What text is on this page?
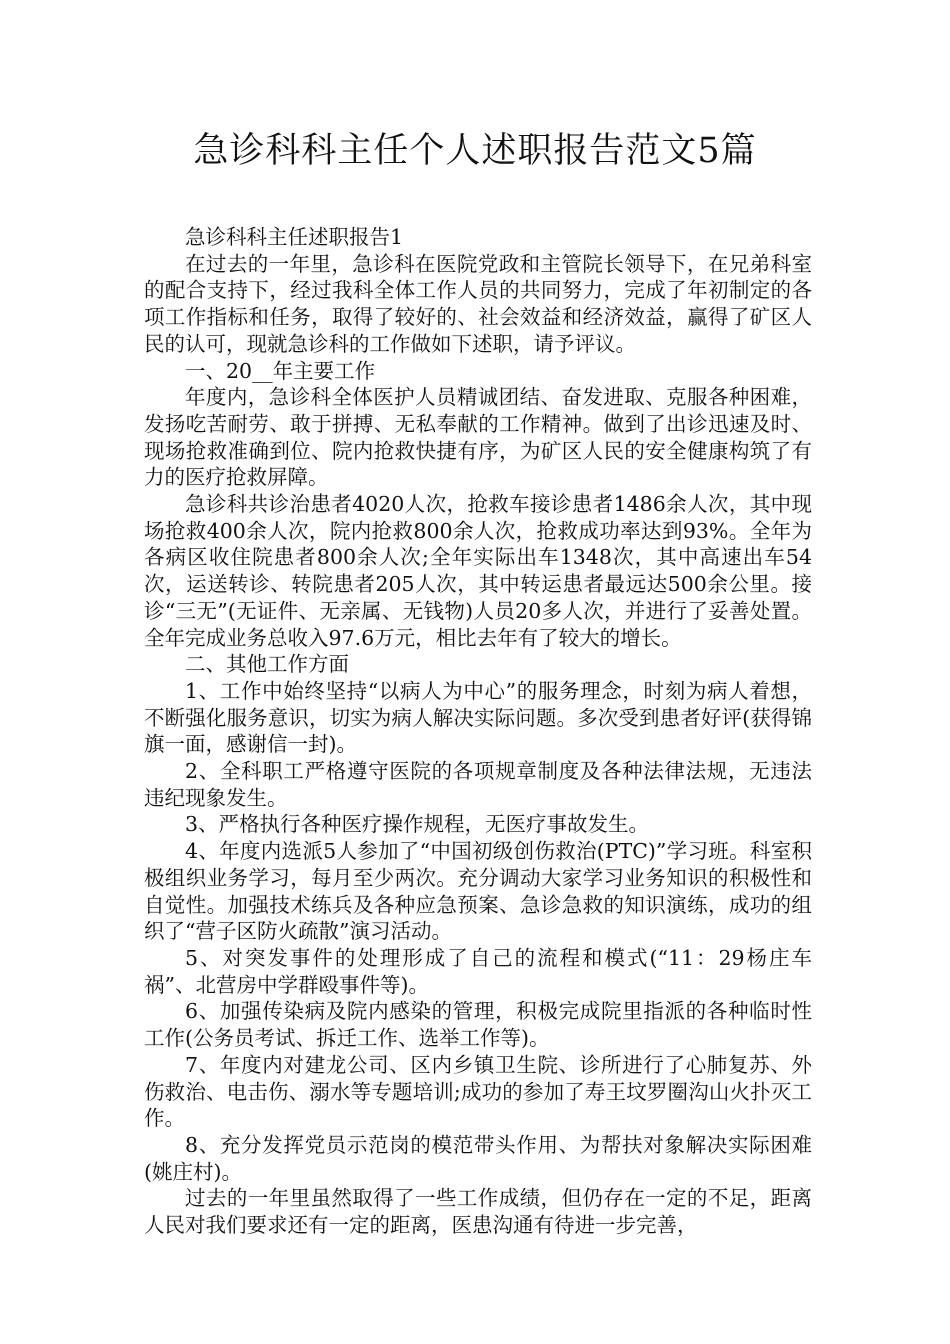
急诊科科主任个人述职报告范文5篇

急诊科科主任述职报告1

在过去的一年里，急诊科在医院党政和主管院长领导下，在兄弟科室的配合支持下，经过我科全体工作人员的共同努力，完成了年初制定的各项工作指标和任务，取得了较好的、社会效益和经济效益，赢得了矿区人民的认可，现就急诊科的工作做如下述职，请予评议。

一、20__年主要工作

年度内，急诊科全体医护人员精诚团结、奋发进取、克服各种困难，发扬吃苦耐劳、敢于拼搏、无私奉献的工作精神。做到了出诊迅速及时、现场抢救准确到位、院内抢救快捷有序，为矿区人民的安全健康构筑了有力的医疗抢救屏障。

急诊科共诊治患者4020人次，抢救车接诊患者1486余人次，其中现场抢救400余人次，院内抢救800余人次，抢救成功率达到93%。全年为各病区收住院患者800余人次;全年实际出车1348次，其中高速出车54次，运送转诊、转院患者205人次，其中转运患者最远达500余公里。接诊“三无”(无证件、无亲属、无钱物)人员20多人次，并进行了妥善处置。全年完成业务总收入97.6万元，相比去年有了较大的增长。

二、其他工作方面

1、工作中始终坚持“以病人为中心”的服务理念，时刻为病人着想，不断强化服务意识，切实为病人解决实际问题。多次受到患者好评(获得锦旗一面，感谢信一封)。

2、全科职工严格遵守医院的各项规章制度及各种法律法规，无违法违纪现象发生。

3、严格执行各种医疗操作规程，无医疗事故发生。

4、年度内选派5人参加了“中国初级创伤救治(PTC)”学习班。科室积极组织业务学习，每月至少两次。充分调动大家学习业务知识的积极性和自觉性。加强技术练兵及各种应急预案、急诊急救的知识演练，成功的组织了“营子区防火疏散”演习活动。

5、对突发事件的处理形成了自己的流程和模式(“11：29杨庄车祸”、北营房中学群殴事件等)。

6、加强传染病及院内感染的管理，积极完成院里指派的各种临时性工作(公务员考试、拆迁工作、选举工作等)。

7、年度内对建龙公司、区内乡镇卫生院、诊所进行了心肺复苏、外伤救治、电击伤、溺水等专题培训;成功的参加了寿王坟罗圈沟山火扑灭工作。

8、充分发挥党员示范岗的模范带头作用、为帮扶对象解决实际困难(姚庄村)。

过去的一年里虽然取得了一些工作成绩，但仍存在一定的不足，距离人民对我们要求还有一定的距离，医患沟通有待进一步完善，
